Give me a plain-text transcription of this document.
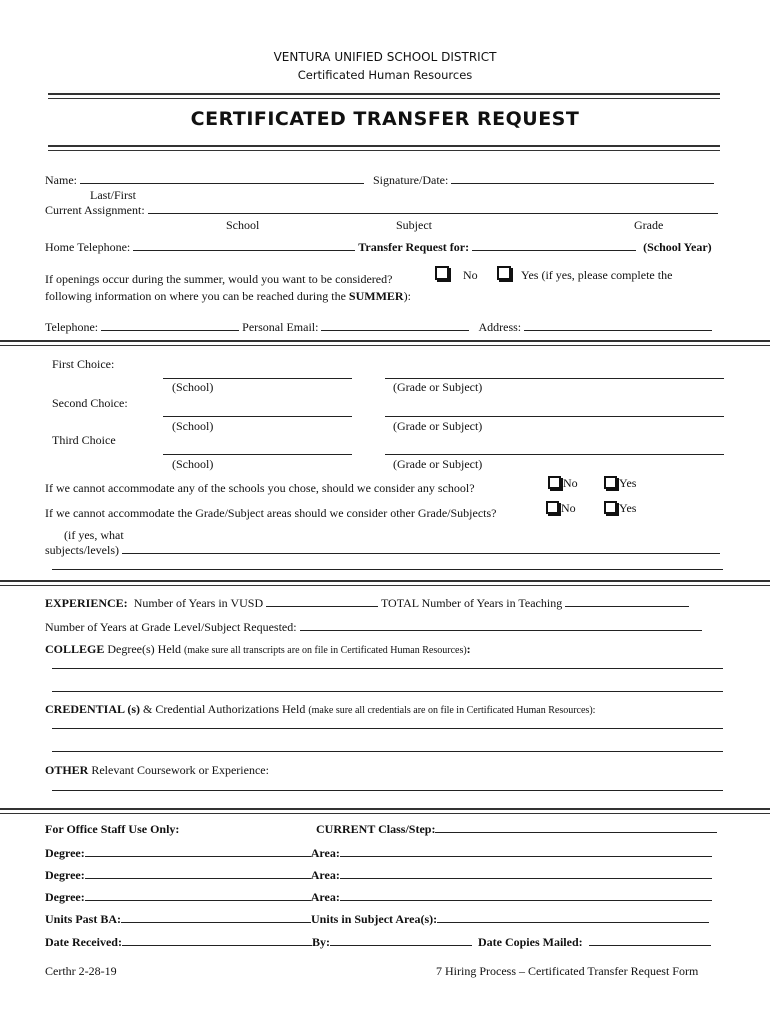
VENTURA UNIFIED SCHOOL DISTRICT
Certificated Human Resources
CERTIFICATED TRANSFER REQUEST
Name:	Signature/Date:
Last/First
Current Assignment:
School	Subject	Grade
Home Telephone:	Transfer Request for:	(School Year)
If openings occur during the summer, would you want to be considered?	No	Yes (if yes, please complete the
following information on where you can be reached during the SUMMER):
Telephone:	Personal Email:	Address:
First Choice:
(School)	(Grade or Subject)
Second Choice:
(School)	(Grade or Subject)
Third Choice
(School)	(Grade or Subject)
If we cannot accommodate any of the schools you chose, should we consider any school?	No	Yes
If we cannot accommodate the Grade/Subject areas should we consider other Grade/Subjects?	No	Yes
(if yes, what
subjects/levels)
EXPERIENCE: Number of Years in VUSD	TOTAL Number of Years in Teaching
Number of Years at Grade Level/Subject Requested:
COLLEGE Degree(s) Held (make sure all transcripts are on file in Certificated Human Resources):
CREDENTIAL (s) & Credential Authorizations Held (make sure all credentials are on file in Certificated Human Resources):
OTHER Relevant Coursework or Experience:
For Office Staff Use Only:	CURRENT Class/Step:
Degree:	Area:
Degree:	Area:
Degree:	Area:
Units Past BA:	Units in Subject Area(s):
Date Received:	By:	Date Copies Mailed:
Certhr 2-28-19	7 Hiring Process – Certificated Transfer Request Form
